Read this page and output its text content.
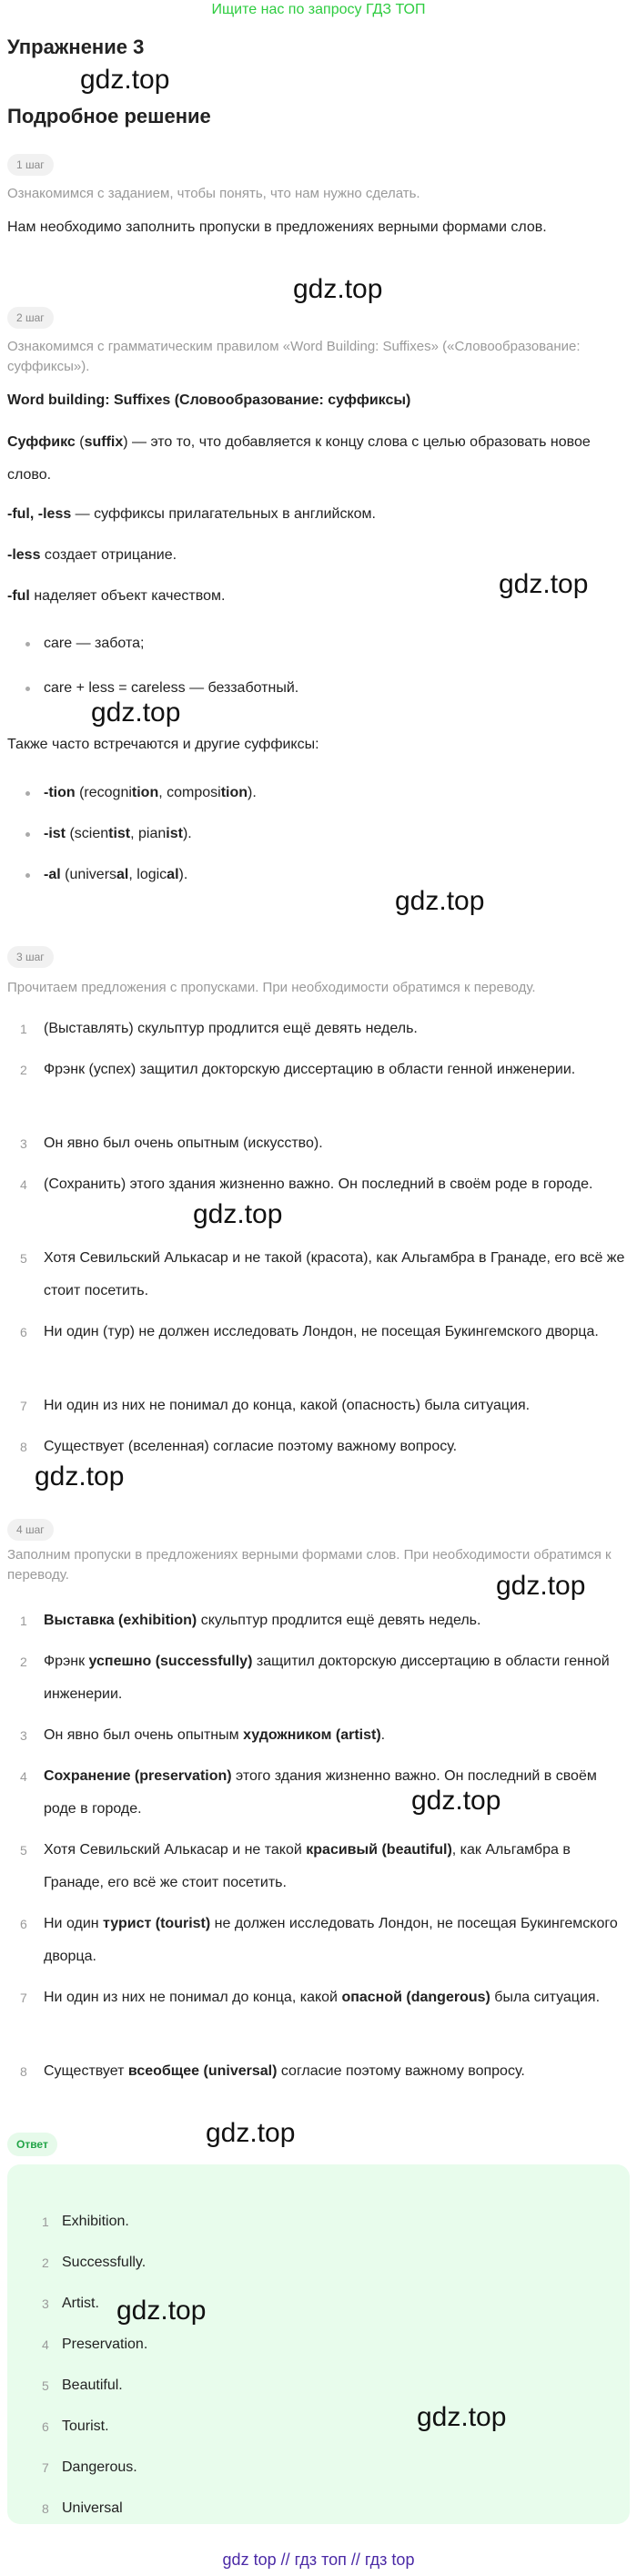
Ищите нас по запросу ГДЗ ТОП
Упражнение 3
gdz.top
Подробное решение
1 шаг
Ознакомимся с заданием, чтобы понять, что нам нужно сделать.
Нам необходимо заполнить пропуски в предложениях верными формами слов.
gdz.top
2 шаг
Ознакомимся с грамматическим правилом «Word Building: Suffixes» («Словообразование: суффиксы»).
Word building: Suffixes (Словообразование: суффиксы)
Суффикс (suffix) — это то, что добавляется к концу слова с целью образовать новое слово.
-ful, -less — суффиксы прилагательных в английском.
-less создает отрицание.
-ful наделяет объект качеством.	gdz.top
care — забота;
care + less = careless — беззаботный.
gdz.top
Также часто встречаются и другие суффиксы:
-tion (recognition, composition).
-ist (scientist, pianist).
-al (universal, logical).
gdz.top
3 шаг
Прочитаем предложения с пропусками. При необходимости обратимся к переводу.
1	(Выставлять) скульптур продлится ещё девять недель.
2	Фрэнк (успех) защитил докторскую диссертацию в области генной инженерии.
3	Он явно был очень опытным (искусство).
4	(Сохранить) этого здания жизненно важно. Он последний в своём роде в городе.
5	Хотя Севильский Алькасар и не такой (красота), как Альгамбра в Гранаде, его всё же стоит посетить.
6	Ни один (тур) не должен исследовать Лондон, не посещая Букингемского дворца.
7	Ни один из них не понимал до конца, какой (опасность) была ситуация.
8	Существует (вселенная) согласие поэтому важному вопросу.
gdz.top
gdz.top
4 шаг
Заполним пропуски в предложениях верными формами слов. При необходимости обратимся к переводу.	gdz.top
1	Выставка (exhibition) скульптур продлится ещё девять недель.
2	Фрэнк успешно (successfully) защитил докторскую диссертацию в области генной инженерии.
3	Он явно был очень опытным художником (artist).
4	Сохранение (preservation) этого здания жизненно важно. Он последний в своём роде в городе.
5	Хотя Севильский Алькасар и не такой красивый (beautiful), как Альгамбра в Гранаде, его всё же стоит посетить.
6	Ни один турист (tourist) не должен исследовать Лондон, не посещая Букингемского дворца.
7	Ни один из них не понимал до конца, какой опасной (dangerous) была ситуация.
8	Существует всеобщее (universal) согласие поэтому важному вопросу.
gdz.top
Ответ	gdz.top
1 Exhibition.
2 Successfully.
3 Artist.
4 Preservation.
5 Beautiful.
6 Tourist.
7 Dangerous.
8 Universal
gdz.top
gdz.top
gdz top // гдз топ // гдз top
